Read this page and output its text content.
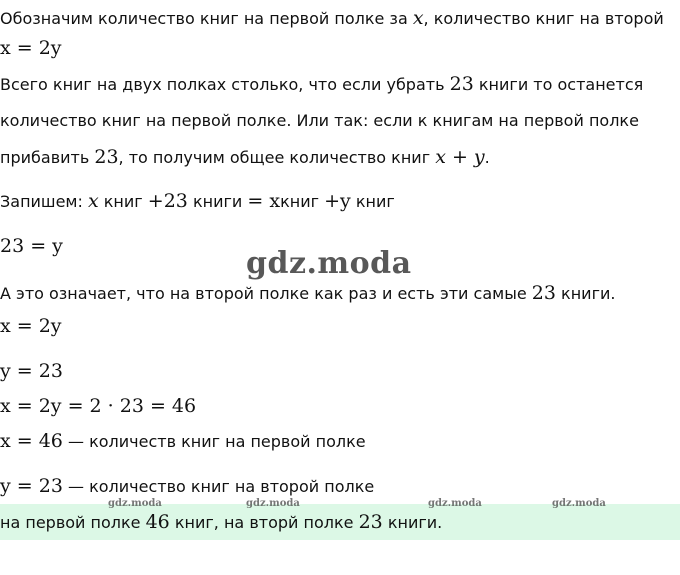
Обозначим количество книг на первой полке за x, количество книг на второй
x = 2y
Всего книг на двух полках столько, что если убрать 23 книги то останется
количество книг на первой полке. Или так: если к книгам на первой полке
прибавить 23, то получим общее количество книг x + y.
Запишем: x книг +23 книги = xкниг +y книг
23 = y	gdz.moda
А это означает, что на второй полке как раз и есть эти самые 23 книги.
x = 2y
y = 23
x = 2y = 2 · 23 = 46
x = 46 — количеств книг на первой полке
y = 23 — количество книг на второй полке
gdz.moda	gdz.moda	gdz.moda	gdz.moda
на первой полке 46 книг, на вторй полке 23 книги.
